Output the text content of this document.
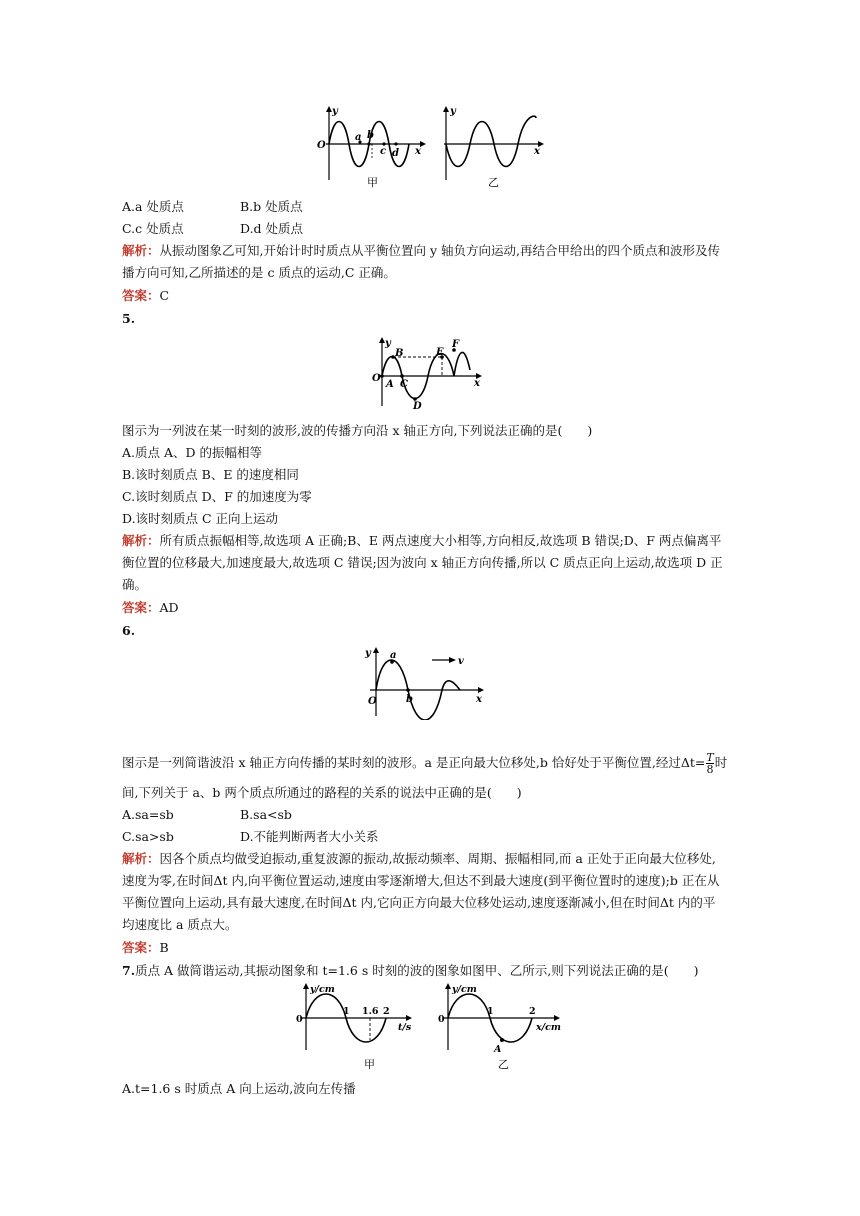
y
O
a b
c d x
甲
y
x
乙
A.a 处质点	B.b 处质点
C.c 处质点	D.d 处质点
解析：从振动图象乙可知,开始计时时质点从平衡位置向 y 轴负方向运动,再结合甲给出的四个质点和波形及传
播方向可知,乙所描述的是 c 质点的运动,C 正确。
答案：C
5.
y
O
A
B
C
D
E
F
x
图示为一列波在某一时刻的波形,波的传播方向沿 x 轴正方向,下列说法正确的是(　　)
A.质点 A、D 的振幅相等
B.该时刻质点 B、E 的速度相同
C.该时刻质点 D、F 的加速度为零
D.该时刻质点 C 正向上运动
解析：所有质点振幅相等,故选项 A 正确;B、E 两点速度大小相等,方向相反,故选项 B 错误;D、F 两点偏离平
衡位置的位移最大,加速度最大,故选项 C 错误;因为波向 x 轴正方向传播,所以 C 质点正向上运动,故选项 D 正
确。
答案：AD
6.
y
O
a
b
v
x
图示是一列简谐波沿 x 轴正方向传播的某时刻的波形。a 是正向最大位移处,b 恰好处于平衡位置,经过$\Delta t= \frac{T}{8}$ 时
间,下列关于 a、b 两个质点所通过的路程的关系的说法中正确的是(　　)
A.sa=sb	B.sa<sb
C.sa>sb	D.不能判断两者大小关系
解析：因各个质点均做受迫振动,重复波源的振动,故振动频率、周期、振幅相同,而 a 正处于正向最大位移处,
速度为零,在时间Δt 内,向平衡位置运动,速度由零逐渐增大,但达不到最大速度(到平衡位置时的速度);b 正在从
平衡位置向上运动,具有最大速度,在时间Δt 内,它向正方向最大位移处运动,速度逐渐减小,但在时间Δt 内的平
均速度比 a 质点大。
答案：B
7.质点 A 做简谐运动,其振动图象和 t=1.6 s 时刻的波的图象如图甲、乙所示,则下列说法正确的是(　　)
y/cm
0
1 1.6 2
t/s
甲
y/cm
0
1	2
x/cm
A
乙
A.t=1.6 s 时质点 A 向上运动,波向左传播
